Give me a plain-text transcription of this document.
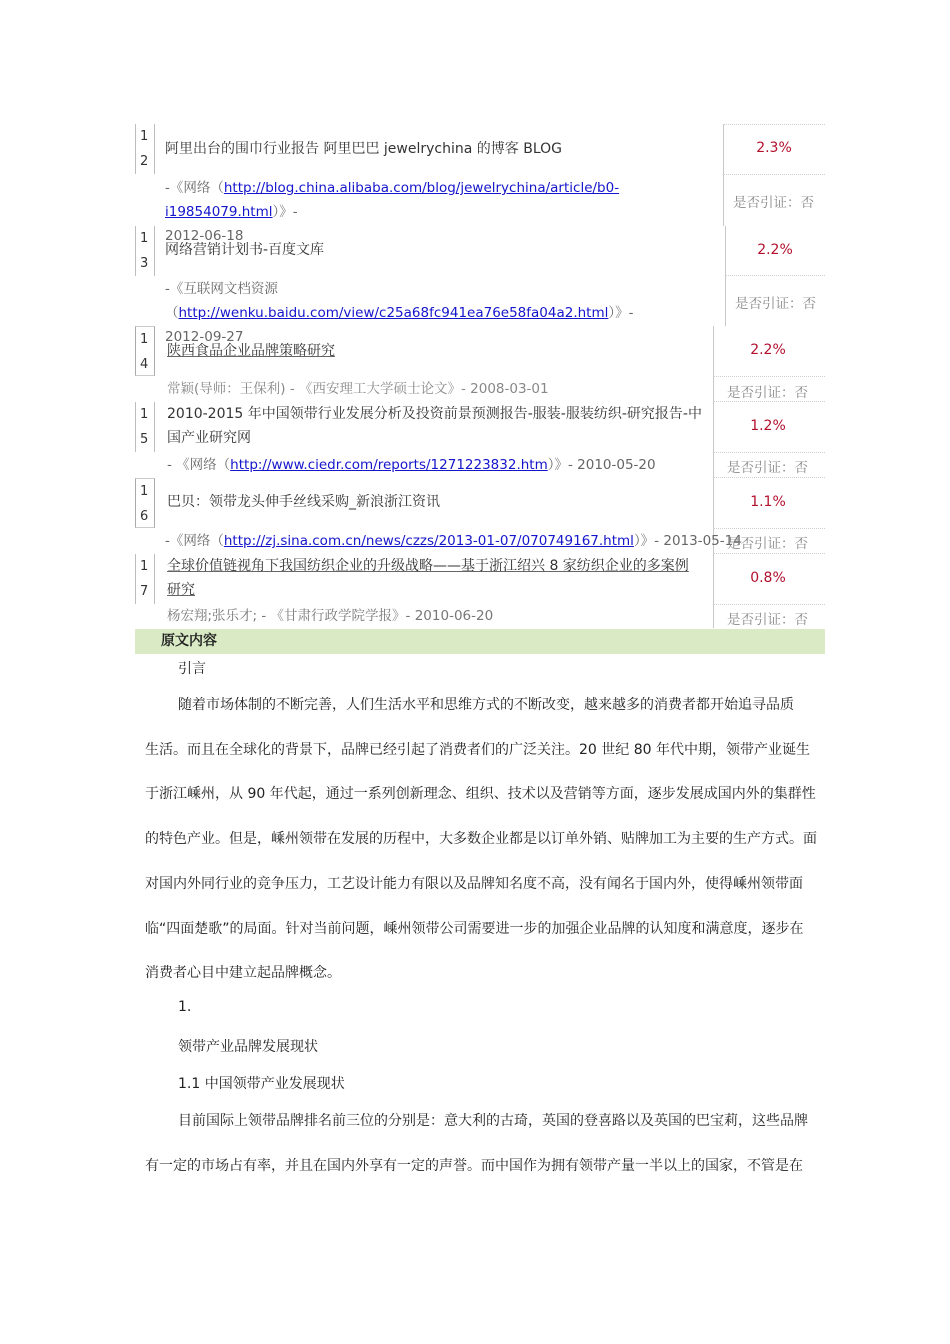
1
2
阿里出台的围巾行业报告 阿里巴巴 jewelrychina 的博客 BLOG
-《网络（http://blog.china.alibaba.com/blog/jewelrychina/article/b0-i19854079.html）》-
2012-06-18
2.3%
是否引证：否
1
3
网络营销计划书-百度文库
-《互联网文档资源（http://wenku.baidu.com/view/c25a68fc941ea76e58fa04a2.html）》-
2012-09-27
2.2%
是否引证：否
1
4
陕西食品企业品牌策略研究
常颖(导师：王保利) - 《西安理工大学硕士论文》- 2008-03-01
2.2%
是否引证：否
1
5
2010-2015 年中国领带行业发展分析及投资前景预测报告-服装-服装纺织-研究报告-中
国产业研究网
- 《网络（http://www.ciedr.com/reports/1271223832.htm）》- 2010-05-20
1.2%
是否引证：否
1
6
巴贝：领带龙头伸手丝线采购_新浪浙江资讯
-《网络（http://zj.sina.com.cn/news/czzs/2013-01-07/070749167.html）》- 2013-05-14
1.1%
是否引证：否
1
7
全球价值链视角下我国纺织企业的升级战略——基于浙江绍兴 8 家纺织企业的多案例
研究
杨宏翔;张乐才; - 《甘肃行政学院学报》- 2010-06-20
0.8%
是否引证：否
原文内容
引言
随着市场体制的不断完善，人们生活水平和思维方式的不断改变，越来越多的消费者都开始追寻品质
生活。而且在全球化的背景下，品牌已经引起了消费者们的广泛关注。20 世纪 80 年代中期，领带产业诞生
于浙江嵊州，从 90 年代起，通过一系列创新理念、组织、技术以及营销等方面，逐步发展成国内外的集群性
的特色产业。但是，嵊州领带在发展的历程中，大多数企业都是以订单外销、贴牌加工为主要的生产方式。面
对国内外同行业的竞争压力，工艺设计能力有限以及品牌知名度不高，没有闻名于国内外，使得嵊州领带面
临“四面楚歌”的局面。针对当前问题，嵊州领带公司需要进一步的加强企业品牌的认知度和满意度，逐步在
消费者心目中建立起品牌概念。
1.
领带产业品牌发展现状
1.1 中国领带产业发展现状
目前国际上领带品牌排名前三位的分别是：意大利的古琦，英国的登喜路以及英国的巴宝莉，这些品牌
有一定的市场占有率，并且在国内外享有一定的声誉。而中国作为拥有领带产量一半以上的国家，不管是在
